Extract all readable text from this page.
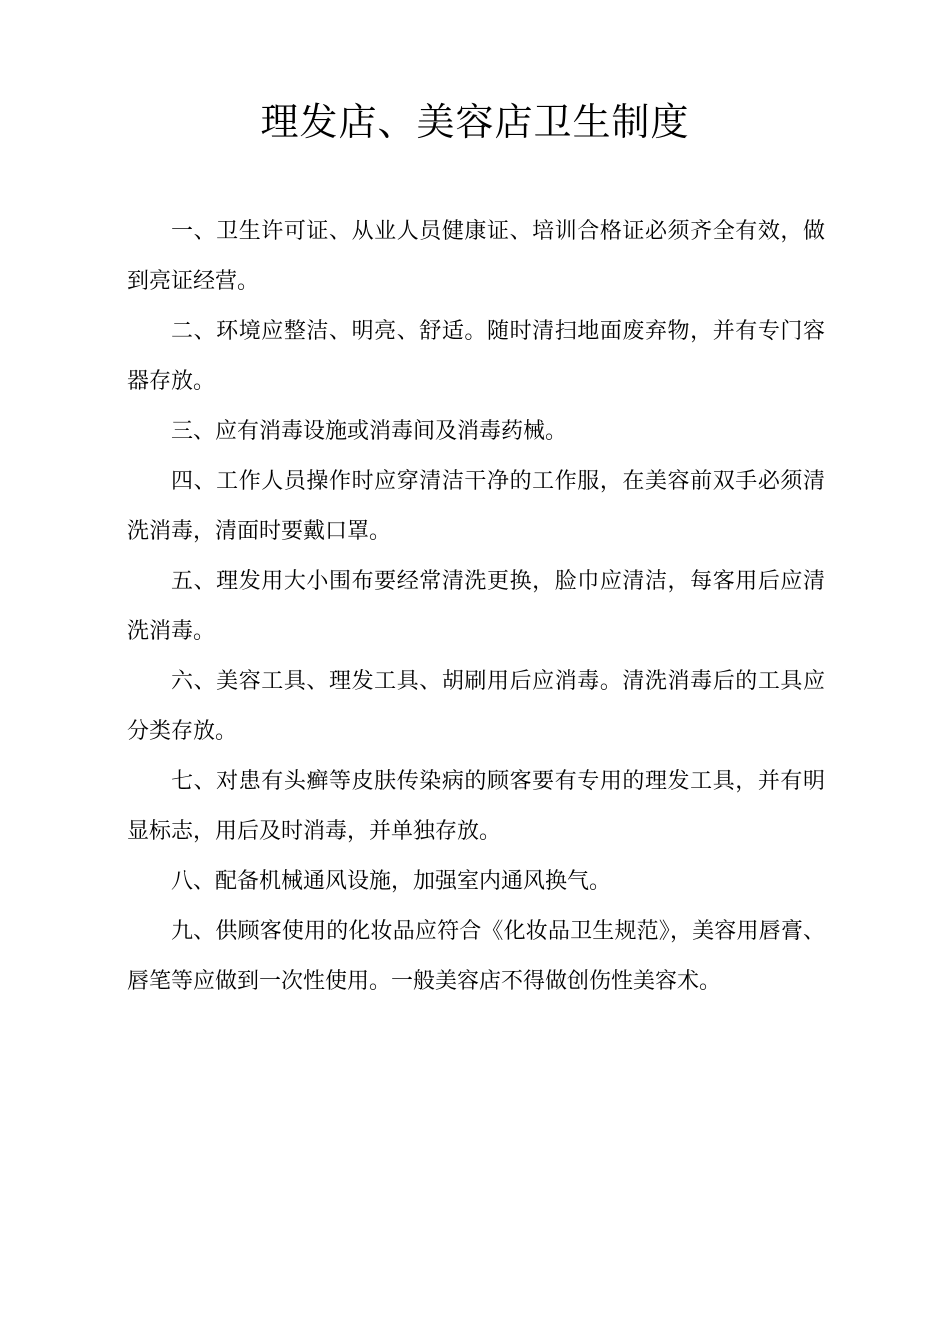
理发店、美容店卫生制度

一、卫生许可证、从业人员健康证、培训合格证必须齐全有效，做到亮证经营。

二、环境应整洁、明亮、舒适。随时清扫地面废弃物，并有专门容器存放。

三、应有消毒设施或消毒间及消毒药械。

四、工作人员操作时应穿清洁干净的工作服，在美容前双手必须清洗消毒，清面时要戴口罩。

五、理发用大小围布要经常清洗更换，脸巾应清洁，每客用后应清洗消毒。

六、美容工具、理发工具、胡刷用后应消毒。清洗消毒后的工具应分类存放。

七、对患有头癣等皮肤传染病的顾客要有专用的理发工具，并有明显标志，用后及时消毒，并单独存放。

八、配备机械通风设施，加强室内通风换气。

九、供顾客使用的化妆品应符合《化妆品卫生规范》，美容用唇膏、唇笔等应做到一次性使用。一般美容店不得做创伤性美容术。
